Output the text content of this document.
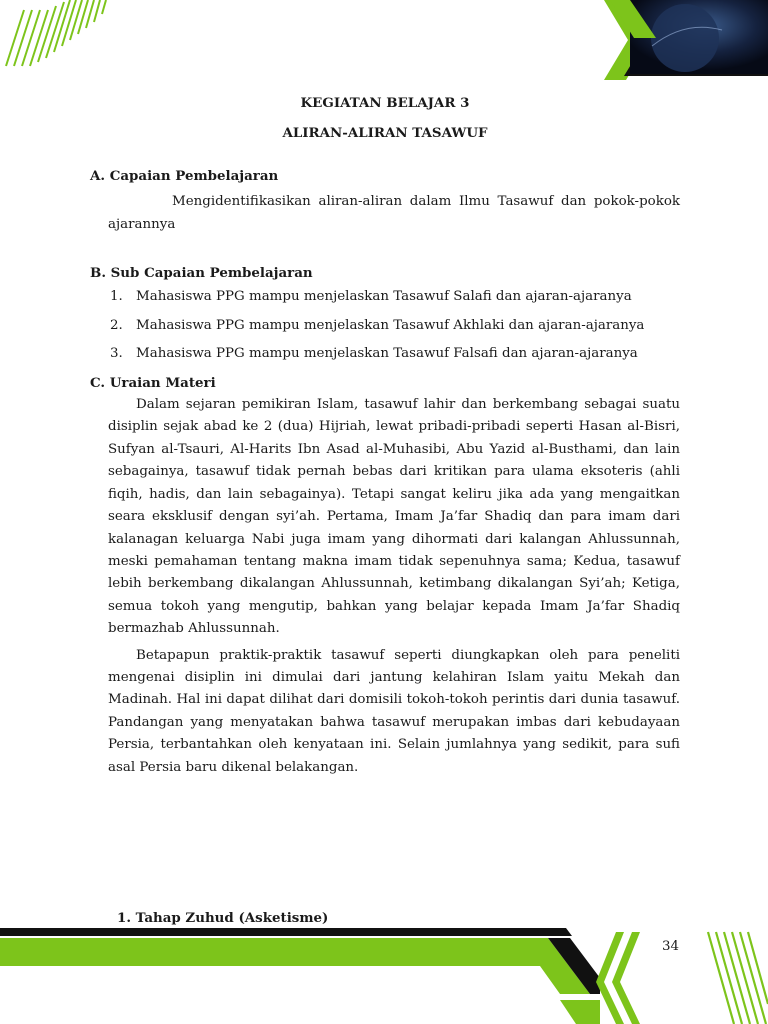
KEGIATAN BELAJAR 3
ALIRAN-ALIRAN TASAWUF

A. Capaian Pembelajaran

Mengidentifikasikan aliran-aliran dalam Ilmu Tasawuf dan pokok-pokok ajarannya

B. Sub Capaian Pembelajaran

1. Mahasiswa PPG mampu menjelaskan Tasawuf Salafi dan ajaran-ajaranya
2. Mahasiswa PPG mampu menjelaskan Tasawuf Akhlaki dan ajaran-ajaranya
3. Mahasiswa PPG mampu menjelaskan Tasawuf Falsafi dan ajaran-ajaranya

C. Uraian Materi

Dalam sejaran pemikiran Islam, tasawuf lahir dan berkembang sebagai suatu disiplin sejak abad ke 2 (dua) Hijriah, lewat pribadi-pribadi seperti Hasan al-Bisri, Sufyan al-Tsauri, Al-Harits Ibn Asad al-Muhasibi, Abu Yazid al-Busthami, dan lain sebagainya, tasawuf tidak pernah bebas dari kritikan para ulama eksoteris (ahli fiqih, hadis, dan lain sebagainya). Tetapi sangat keliru jika ada yang mengaitkan seara eksklusif dengan syi’ah. Pertama, Imam Ja’far Shadiq dan para imam dari kalanagan keluarga Nabi juga imam yang dihormati dari kalangan Ahlussunnah, meski pemahaman tentang makna imam tidak sepenuhnya sama; Kedua, tasawuf lebih berkembang dikalangan Ahlussunnah, ketimbang dikalangan Syi’ah; Ketiga, semua tokoh yang mengutip, bahkan yang belajar kepada Imam Ja’far Shadiq bermazhab Ahlussunnah.

Betapapun praktik-praktik tasawuf seperti diungkapkan oleh para peneliti mengenai disiplin ini dimulai dari jantung kelahiran Islam yaitu Mekah dan Madinah. Hal ini dapat dilihat dari domisili tokoh-tokoh perintis dari dunia tasawuf. Pandangan yang menyatakan bahwa tasawuf merupakan imbas dari kebudayaan Persia, terbantahkan oleh kenyataan ini. Selain jumlahnya yang sedikit, para sufi asal Persia baru dikenal belakangan.

1. Tahap Zuhud (Asketisme)
34
